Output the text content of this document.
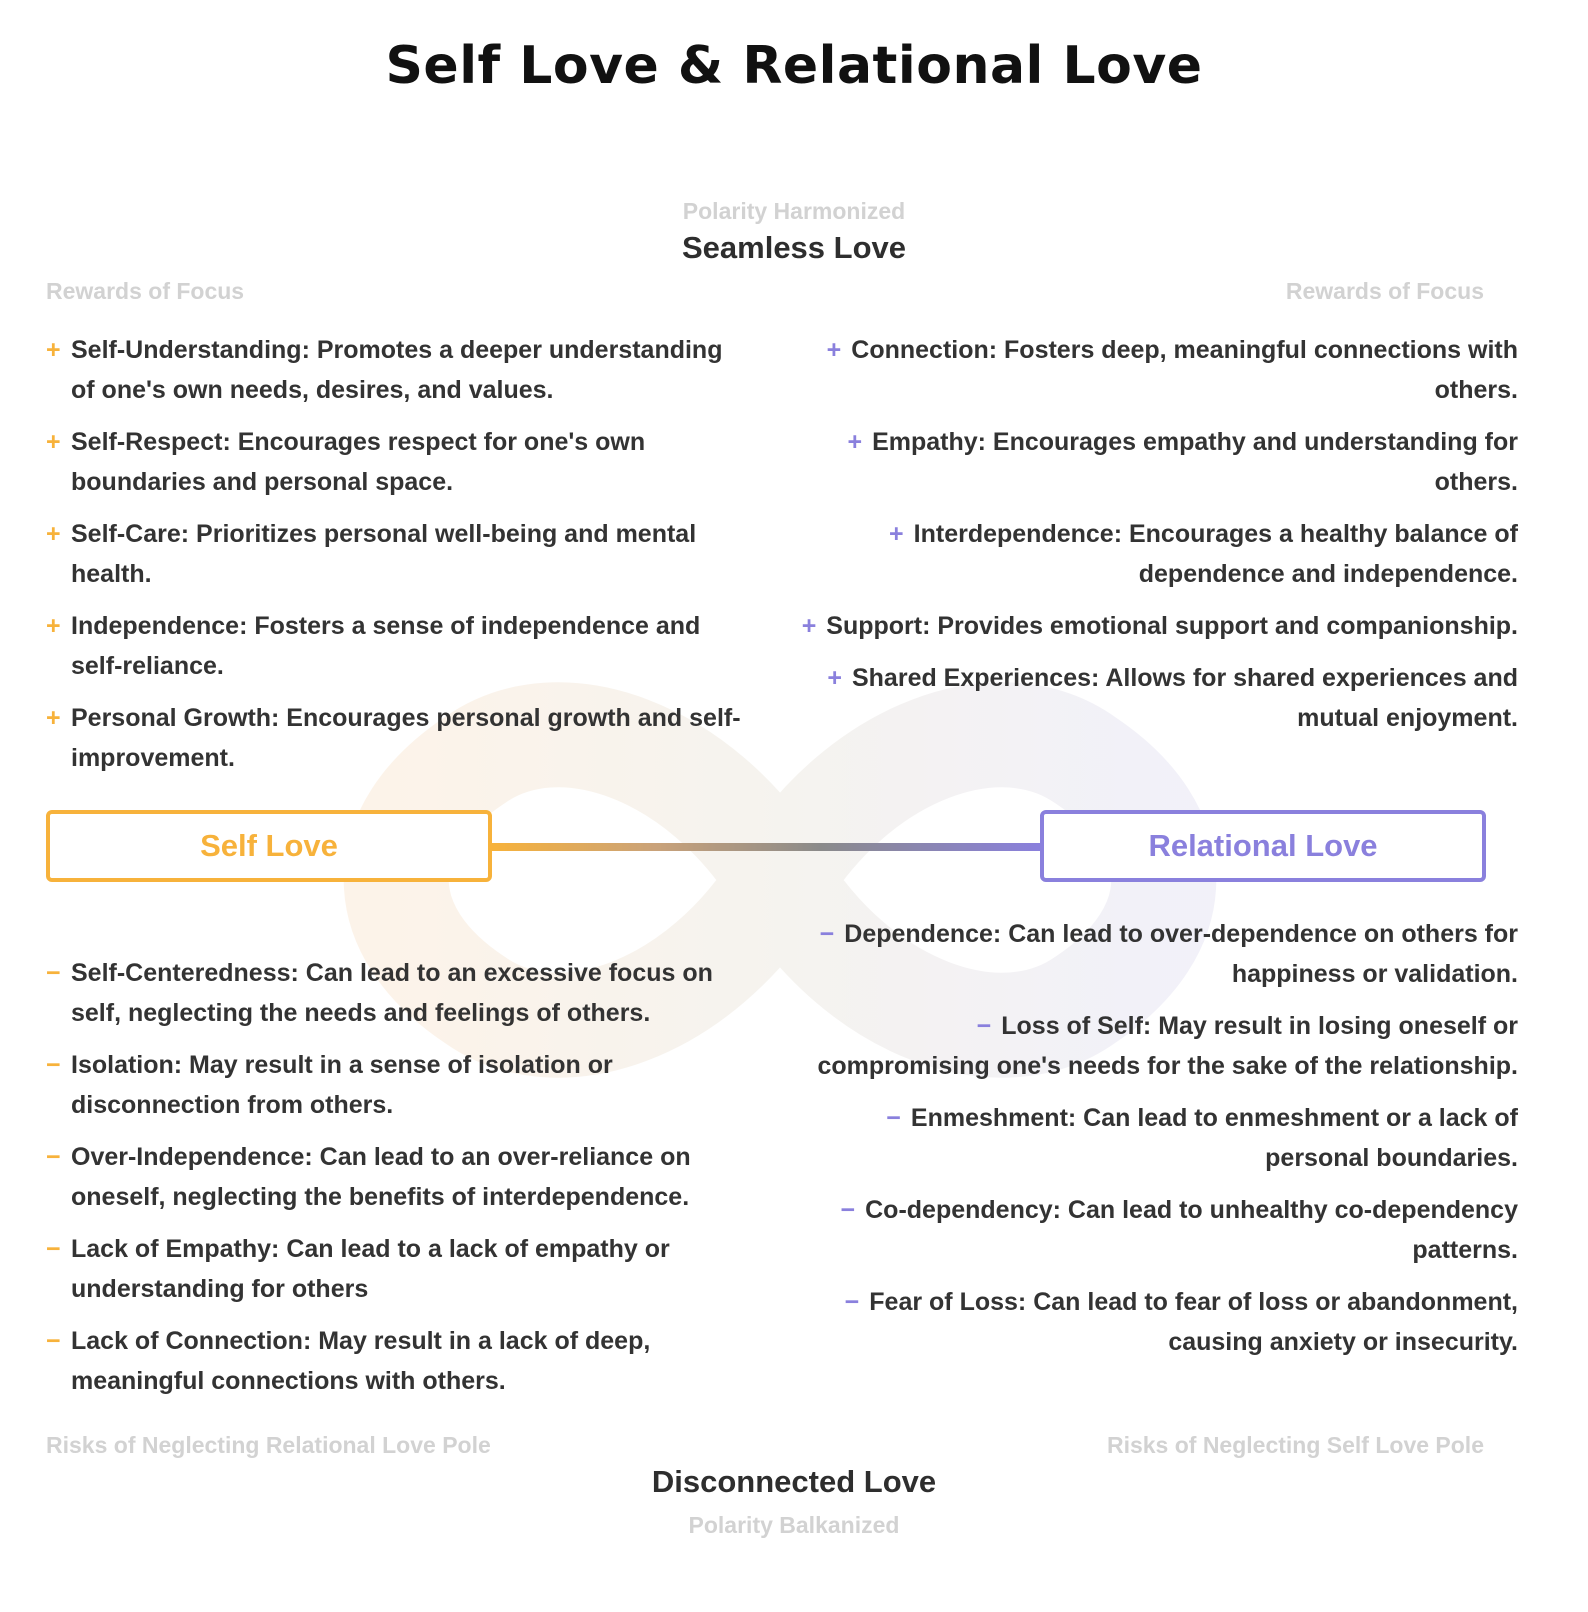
Self Love & Relational Love
Polarity Harmonized
Seamless Love
Rewards of Focus	Rewards of Focus
+ Self-Understanding: Promotes a deeper understanding of one's own needs, desires, and values.
+ Self-Respect: Encourages respect for one's own boundaries and personal space.
+ Self-Care: Prioritizes personal well-being and mental health.
+ Independence: Fosters a sense of independence and self-reliance.
+ Personal Growth: Encourages personal growth and self-improvement.
+ Connection: Fosters deep, meaningful connections with others.
+ Empathy: Encourages empathy and understanding for others.
+ Interdependence: Encourages a healthy balance of dependence and independence.
+ Support: Provides emotional support and companionship.
+ Shared Experiences: Allows for shared experiences and mutual enjoyment.
Self Love	Relational Love
− Self-Centeredness: Can lead to an excessive focus on self, neglecting the needs and feelings of others.
− Isolation: May result in a sense of isolation or disconnection from others.
− Over-Independence: Can lead to an over-reliance on oneself, neglecting the benefits of interdependence.
− Lack of Empathy: Can lead to a lack of empathy or understanding for others
− Lack of Connection: May result in a lack of deep, meaningful connections with others.
− Dependence: Can lead to over-dependence on others for happiness or validation.
− Loss of Self: May result in losing oneself or compromising one's needs for the sake of the relationship.
− Enmeshment: Can lead to enmeshment or a lack of personal boundaries.
− Co-dependency: Can lead to unhealthy co-dependency patterns.
− Fear of Loss: Can lead to fear of loss or abandonment, causing anxiety or insecurity.
Risks of Neglecting Relational Love Pole	Risks of Neglecting Self Love Pole
Disconnected Love
Polarity Balkanized
